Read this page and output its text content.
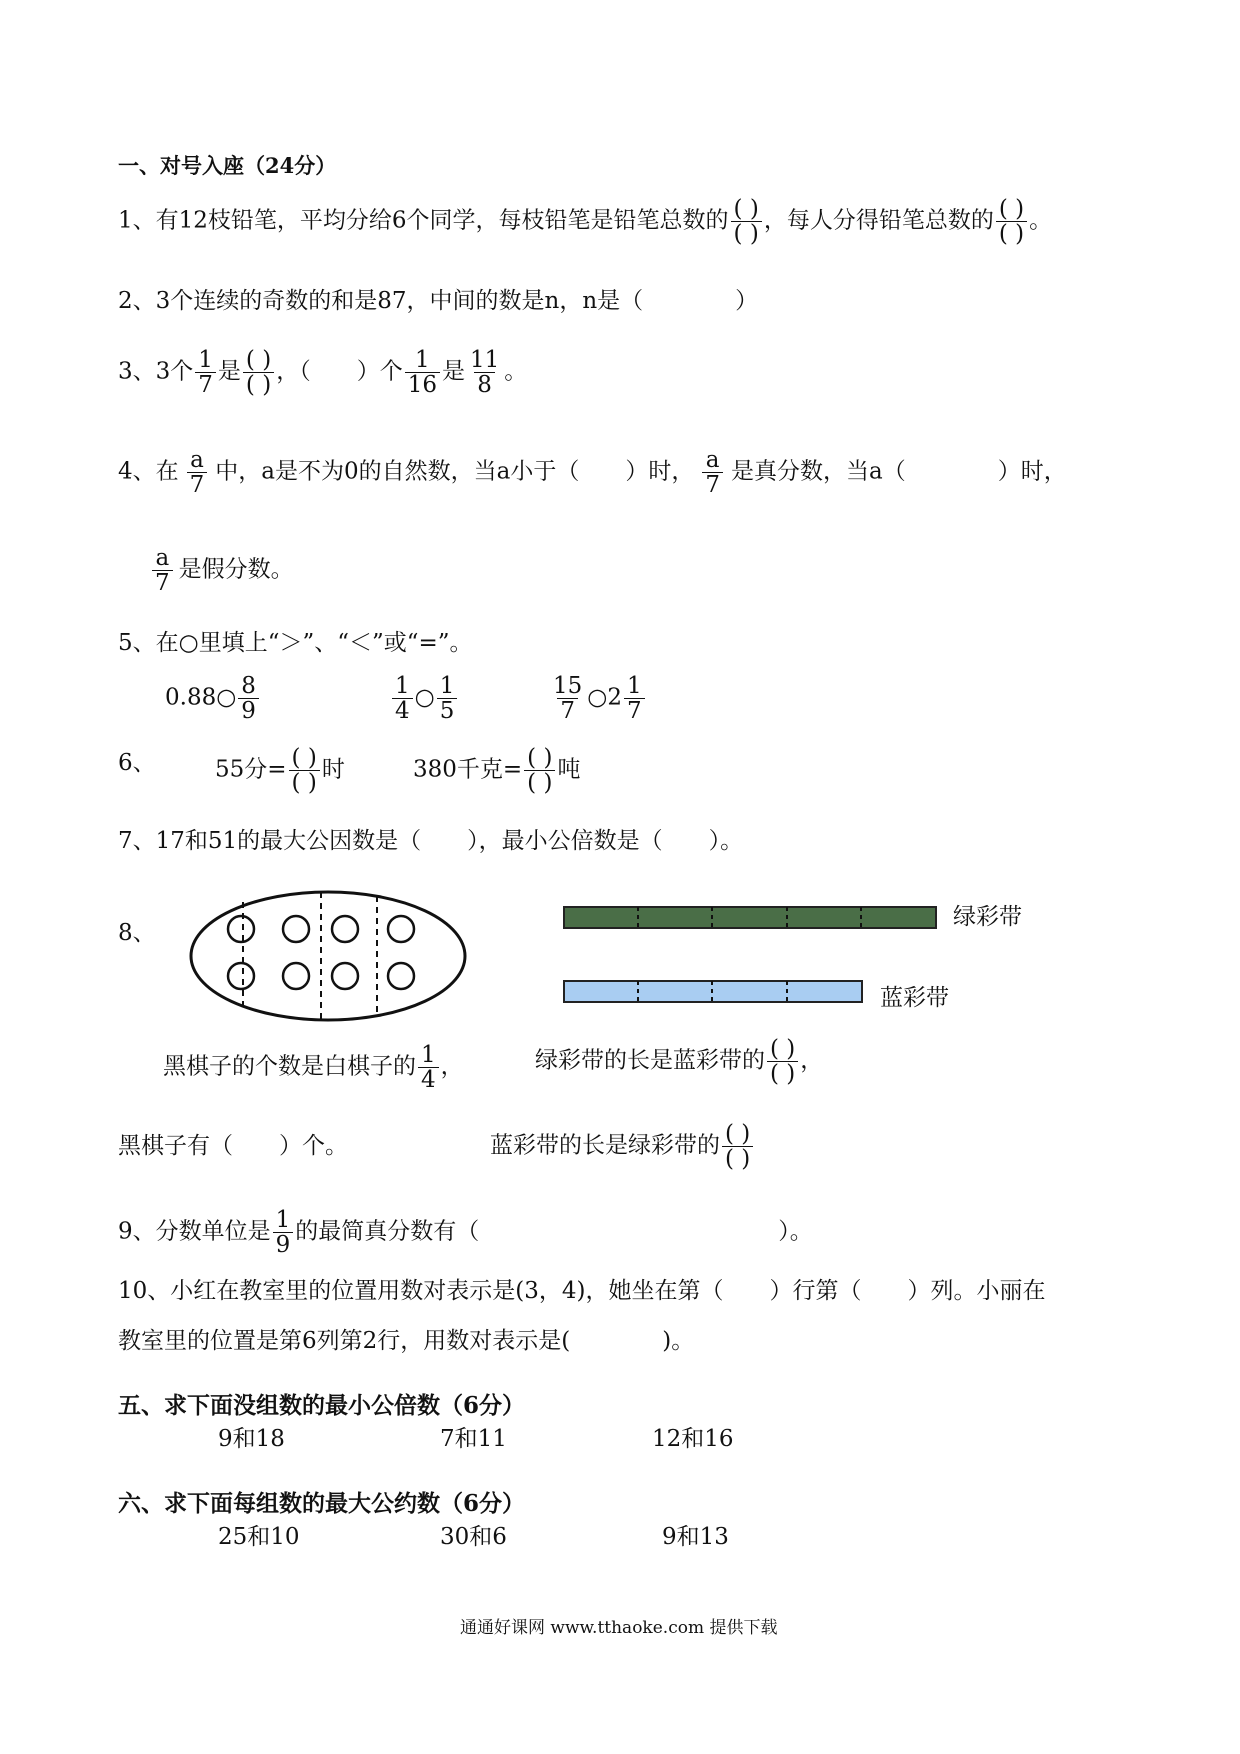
一、对号入座（24分）
1、有12枝铅笔，平均分给6个同学，每枝铅笔是铅笔总数的 $\frac{( )}{( )}$ ，每人分得铅笔总数的 $\frac{( )}{( )}$ 。
2、3个连续的奇数的和是87，中间的数是n，n是（　　　　）
3、3个 $\frac{1}{7}$ 是 $\frac{( )}{( )}$ ，（　　）个 $\frac{1}{16}$ 是 $\frac{11}{8}$ 。
4、在 $\frac{a}{7}$ 中，a是不为0的自然数，当a小于（　　）时， $\frac{a}{7}$ 是真分数，当a（　　　　）时，
$\frac{a}{7}$ 是假分数。
5、在○里填上“＞”、“＜”或“=”。
0.88○ $\frac{8}{9}$	$\frac{1}{4}$ ○ $\frac{1}{5}$	$\frac{15}{7}$ ○2 $\frac{1}{7}$
6、	55分= $\frac{( )}{( )}$ 时	380千克= $\frac{( )}{( )}$ 吨
7、17和51的最大公因数是（　　），最小公倍数是（　　）。
8、
绿彩带
蓝彩带
黑棋子的个数是白棋子的 $\frac{1}{4}$ ，	绿彩带的长是蓝彩带的 $\frac{( )}{( )}$ ，
黑棋子有（　　）个。	蓝彩带的长是绿彩带的 $\frac{( )}{( )}$
9、分数单位是 $\frac{1}{9}$ 的最简真分数有（　　　　　　　　　　　　　）。
10、小红在教室里的位置用数对表示是(3，4)，她坐在第（　　）行第（　　）列。小丽在
教室里的位置是第6列第2行，用数对表示是(　　　　)。
五、求下面没组数的最小公倍数（6分）
9和18	7和11	12和16
六、求下面每组数的最大公约数（6分）
25和10	30和6	9和13
通通好课网 www.tthaoke.com 提供下载
